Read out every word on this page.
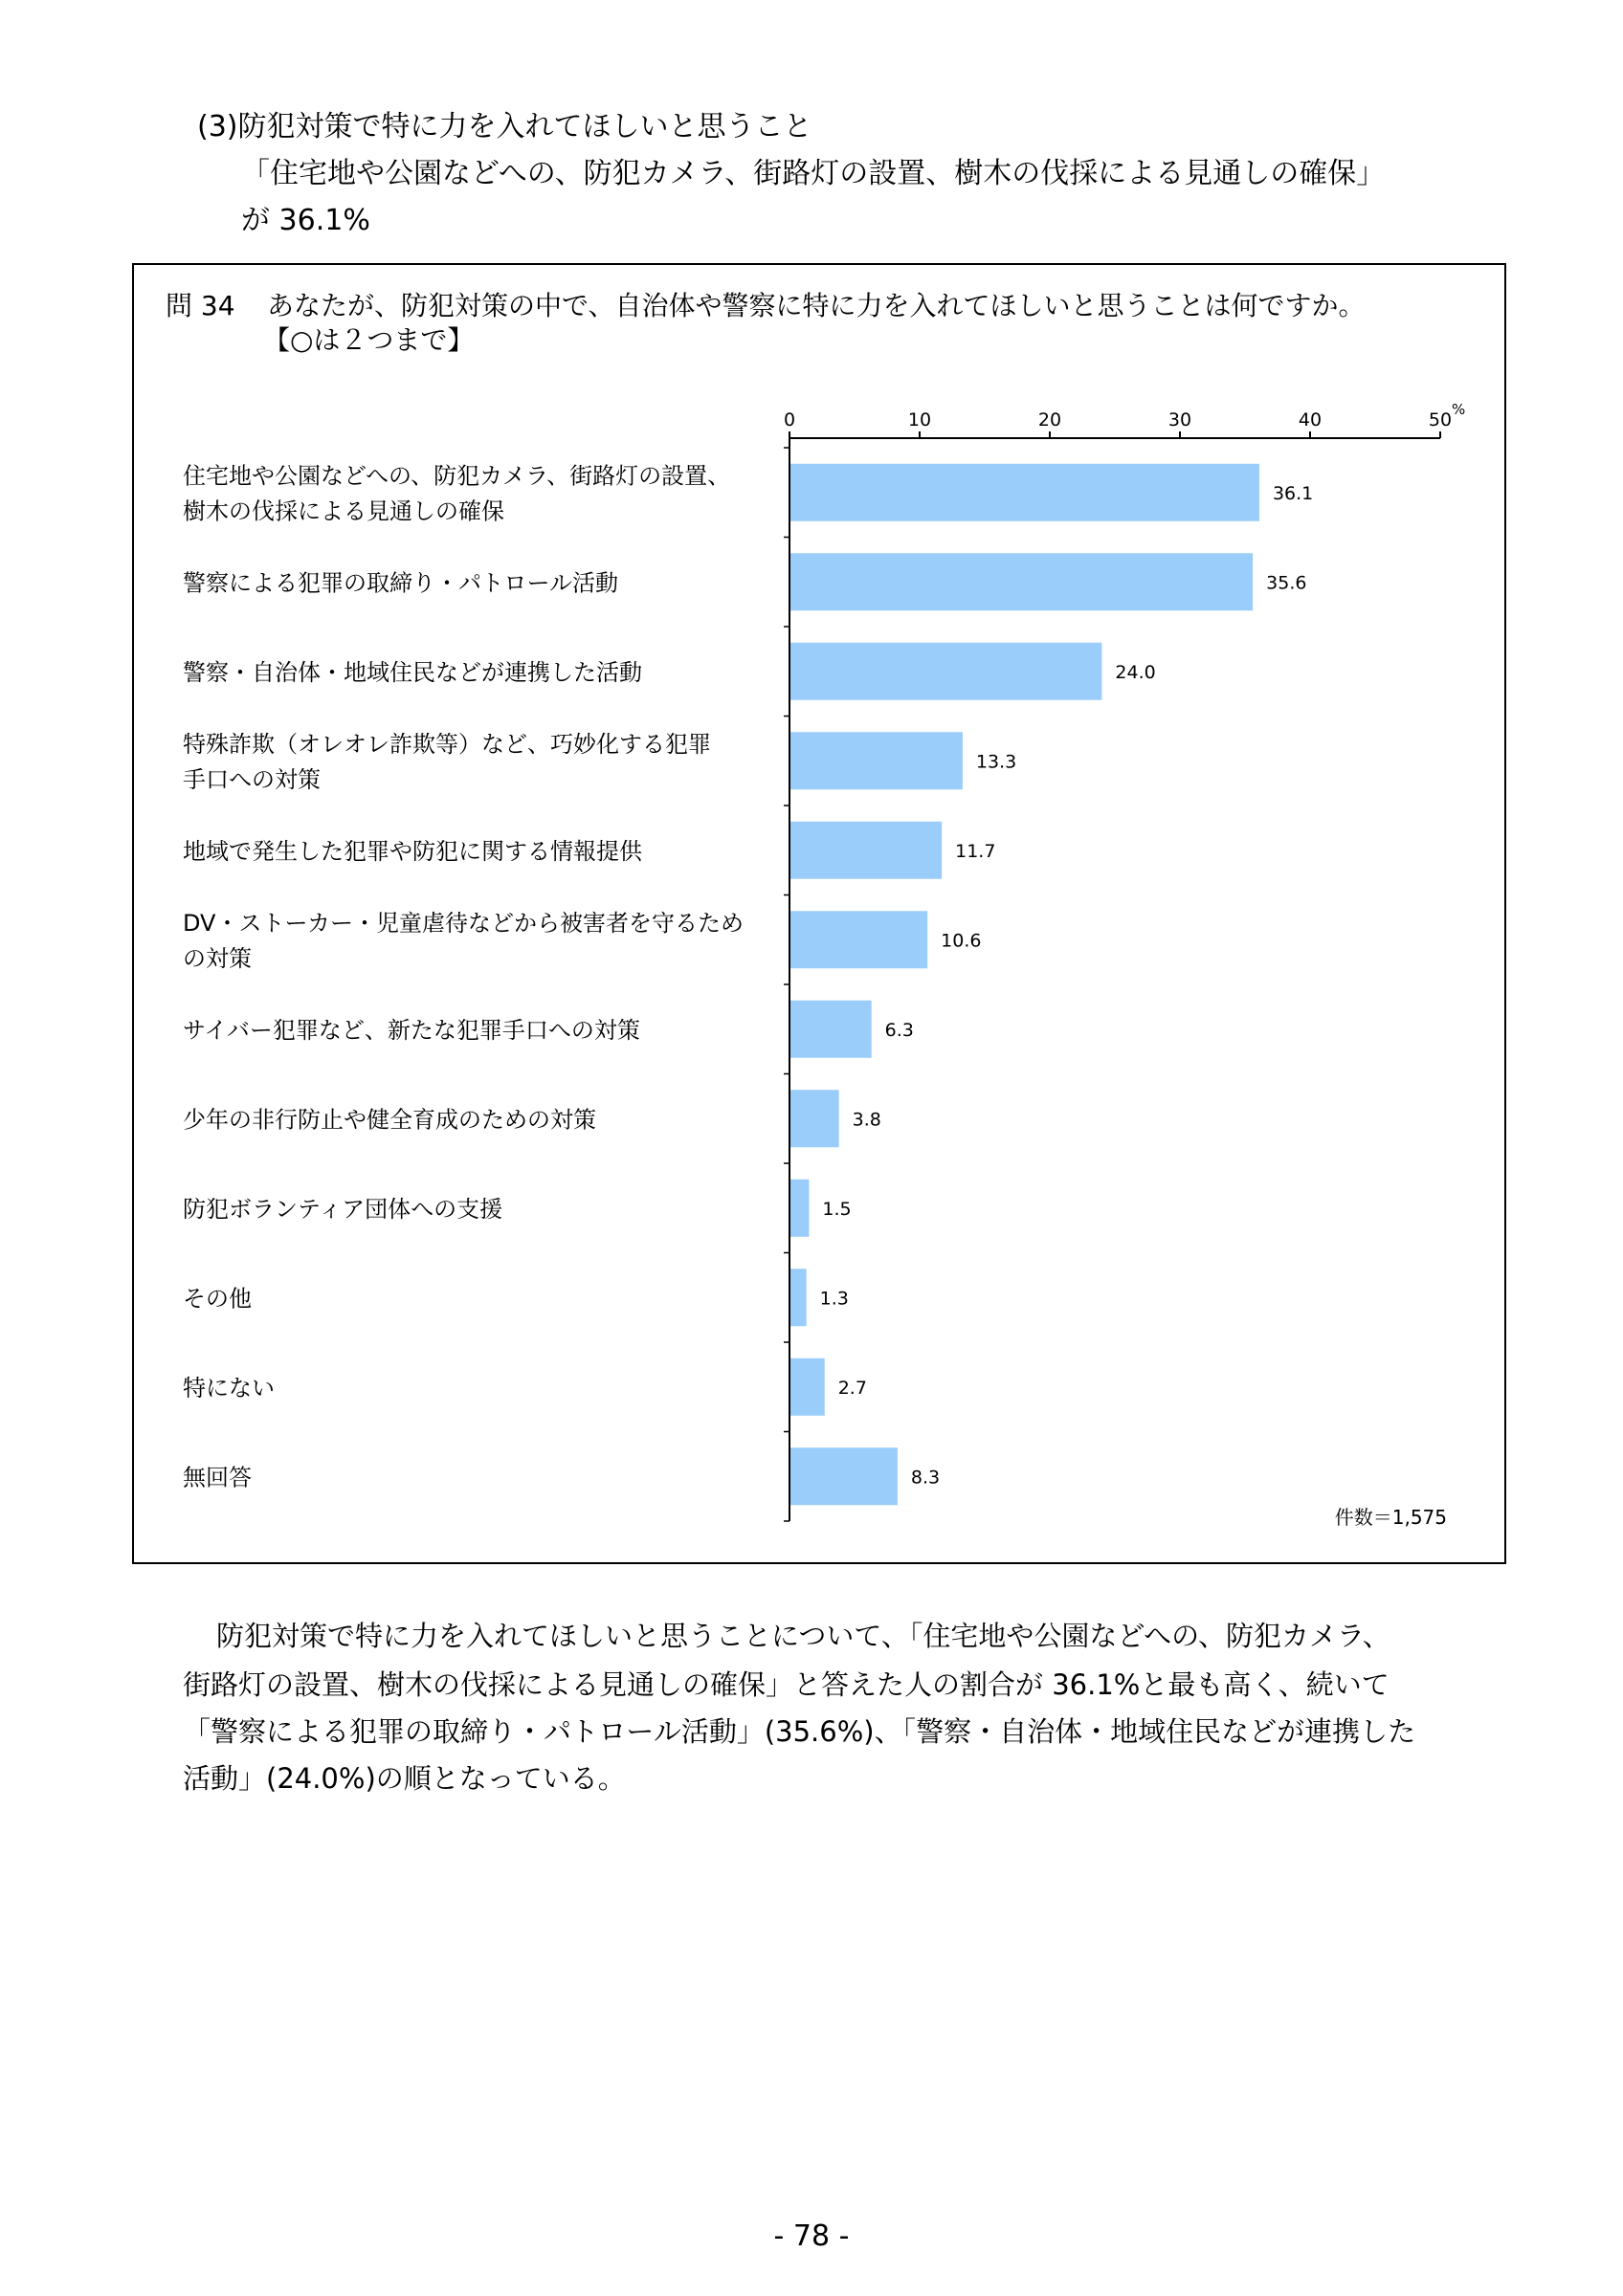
(3)防犯対策で特に力を入れてほしいと思うこと
「住宅地や公園などへの、防犯カメラ、街路灯の設置、樹木の伐採による見通しの確保」
が 36.1%
問 34 あなたが、防犯対策の中で、自治体や警察に特に力を入れてほしいと思うことは何ですか。
【○は２つまで】
36.1
住宅地や公園などへの、防犯カメラ、街路灯の設置、樹木の伐採による見通しの確保
35.6
警察による犯罪の取締り・パトロール活動
24.0
警察・自治体・地域住民などが連携した活動
13.3
特殊詐欺（オレオレ詐欺等）など、巧妙化する犯罪手口への対策
11.7
地域で発生した犯罪や防犯に関する情報提供
10.6
DV・ストーカー・児童虐待などから被害者を守るための対策
6.3
サイバー犯罪など、新たな犯罪手口への対策
3.8
少年の非行防止や健全育成のための対策
1.5
防犯ボランティア団体への支援
1.3
その他
2.7
特にない
8.3
無回答
0	10	20	30	40	50 %
件数＝1,575
防犯対策で特に力を入れてほしいと思うことについて、「住宅地や公園などへの、防犯カメラ、
街路灯の設置、樹木の伐採による見通しの確保」と答えた人の割合が 36.1%と最も高く、続いて
「警察による犯罪の取締り・パトロール活動」(35.6%)、「警察・自治体・地域住民などが連携した
活動」(24.0%)の順となっている。
- 78 -
